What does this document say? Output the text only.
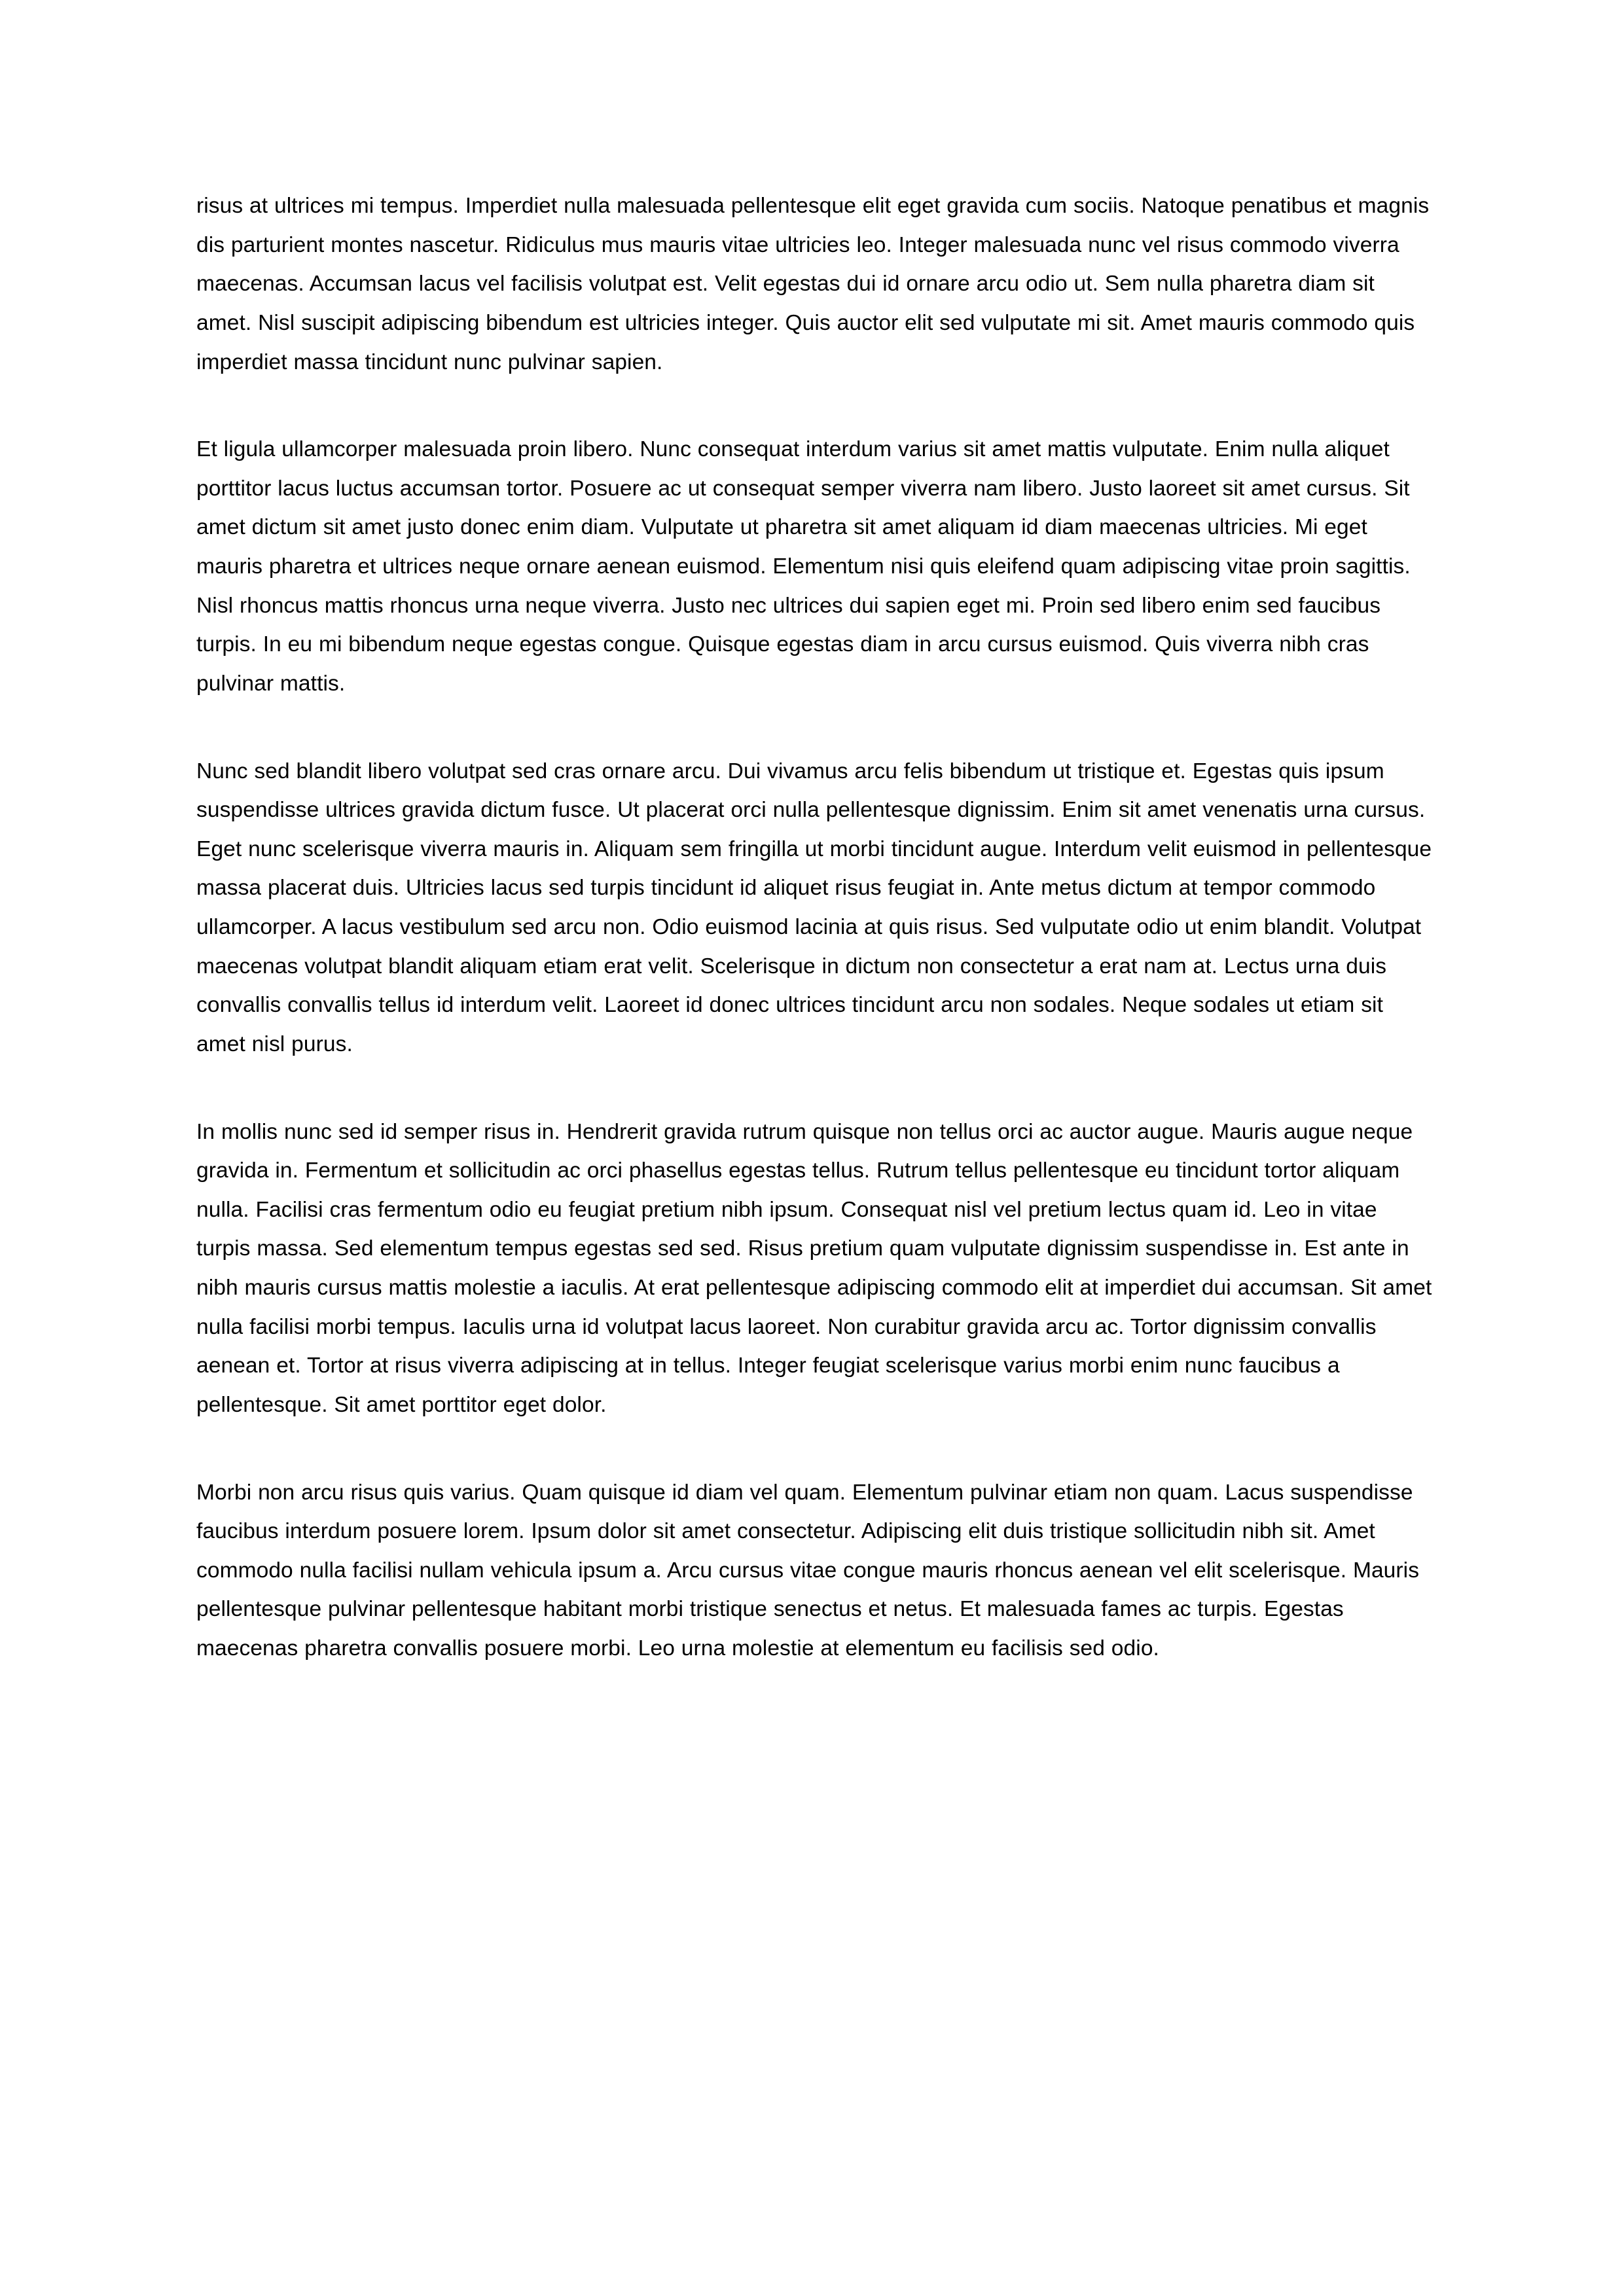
risus at ultrices mi tempus. Imperdiet nulla malesuada pellentesque elit eget gravida cum sociis. Natoque penatibus et magnis dis parturient montes nascetur. Ridiculus mus mauris vitae ultricies leo. Integer malesuada nunc vel risus commodo viverra maecenas. Accumsan lacus vel facilisis volutpat est. Velit egestas dui id ornare arcu odio ut. Sem nulla pharetra diam sit amet. Nisl suscipit adipiscing bibendum est ultricies integer. Quis auctor elit sed vulputate mi sit. Amet mauris commodo quis imperdiet massa tincidunt nunc pulvinar sapien.

Et ligula ullamcorper malesuada proin libero. Nunc consequat interdum varius sit amet mattis vulputate. Enim nulla aliquet porttitor lacus luctus accumsan tortor. Posuere ac ut consequat semper viverra nam libero. Justo laoreet sit amet cursus. Sit amet dictum sit amet justo donec enim diam. Vulputate ut pharetra sit amet aliquam id diam maecenas ultricies. Mi eget mauris pharetra et ultrices neque ornare aenean euismod. Elementum nisi quis eleifend quam adipiscing vitae proin sagittis. Nisl rhoncus mattis rhoncus urna neque viverra. Justo nec ultrices dui sapien eget mi. Proin sed libero enim sed faucibus turpis. In eu mi bibendum neque egestas congue. Quisque egestas diam in arcu cursus euismod. Quis viverra nibh cras pulvinar mattis.

Nunc sed blandit libero volutpat sed cras ornare arcu. Dui vivamus arcu felis bibendum ut tristique et. Egestas quis ipsum suspendisse ultrices gravida dictum fusce. Ut placerat orci nulla pellentesque dignissim. Enim sit amet venenatis urna cursus. Eget nunc scelerisque viverra mauris in. Aliquam sem fringilla ut morbi tincidunt augue. Interdum velit euismod in pellentesque massa placerat duis. Ultricies lacus sed turpis tincidunt id aliquet risus feugiat in. Ante metus dictum at tempor commodo ullamcorper. A lacus vestibulum sed arcu non. Odio euismod lacinia at quis risus. Sed vulputate odio ut enim blandit. Volutpat maecenas volutpat blandit aliquam etiam erat velit. Scelerisque in dictum non consectetur a erat nam at. Lectus urna duis convallis convallis tellus id interdum velit. Laoreet id donec ultrices tincidunt arcu non sodales. Neque sodales ut etiam sit amet nisl purus.

In mollis nunc sed id semper risus in. Hendrerit gravida rutrum quisque non tellus orci ac auctor augue. Mauris augue neque gravida in. Fermentum et sollicitudin ac orci phasellus egestas tellus. Rutrum tellus pellentesque eu tincidunt tortor aliquam nulla. Facilisi cras fermentum odio eu feugiat pretium nibh ipsum. Consequat nisl vel pretium lectus quam id. Leo in vitae turpis massa. Sed elementum tempus egestas sed sed. Risus pretium quam vulputate dignissim suspendisse in. Est ante in nibh mauris cursus mattis molestie a iaculis. At erat pellentesque adipiscing commodo elit at imperdiet dui accumsan. Sit amet nulla facilisi morbi tempus. Iaculis urna id volutpat lacus laoreet. Non curabitur gravida arcu ac. Tortor dignissim convallis aenean et. Tortor at risus viverra adipiscing at in tellus. Integer feugiat scelerisque varius morbi enim nunc faucibus a pellentesque. Sit amet porttitor eget dolor.

Morbi non arcu risus quis varius. Quam quisque id diam vel quam. Elementum pulvinar etiam non quam. Lacus suspendisse faucibus interdum posuere lorem. Ipsum dolor sit amet consectetur. Adipiscing elit duis tristique sollicitudin nibh sit. Amet commodo nulla facilisi nullam vehicula ipsum a. Arcu cursus vitae congue mauris rhoncus aenean vel elit scelerisque. Mauris pellentesque pulvinar pellentesque habitant morbi tristique senectus et netus. Et malesuada fames ac turpis. Egestas maecenas pharetra convallis posuere morbi. Leo urna molestie at elementum eu facilisis sed odio.
